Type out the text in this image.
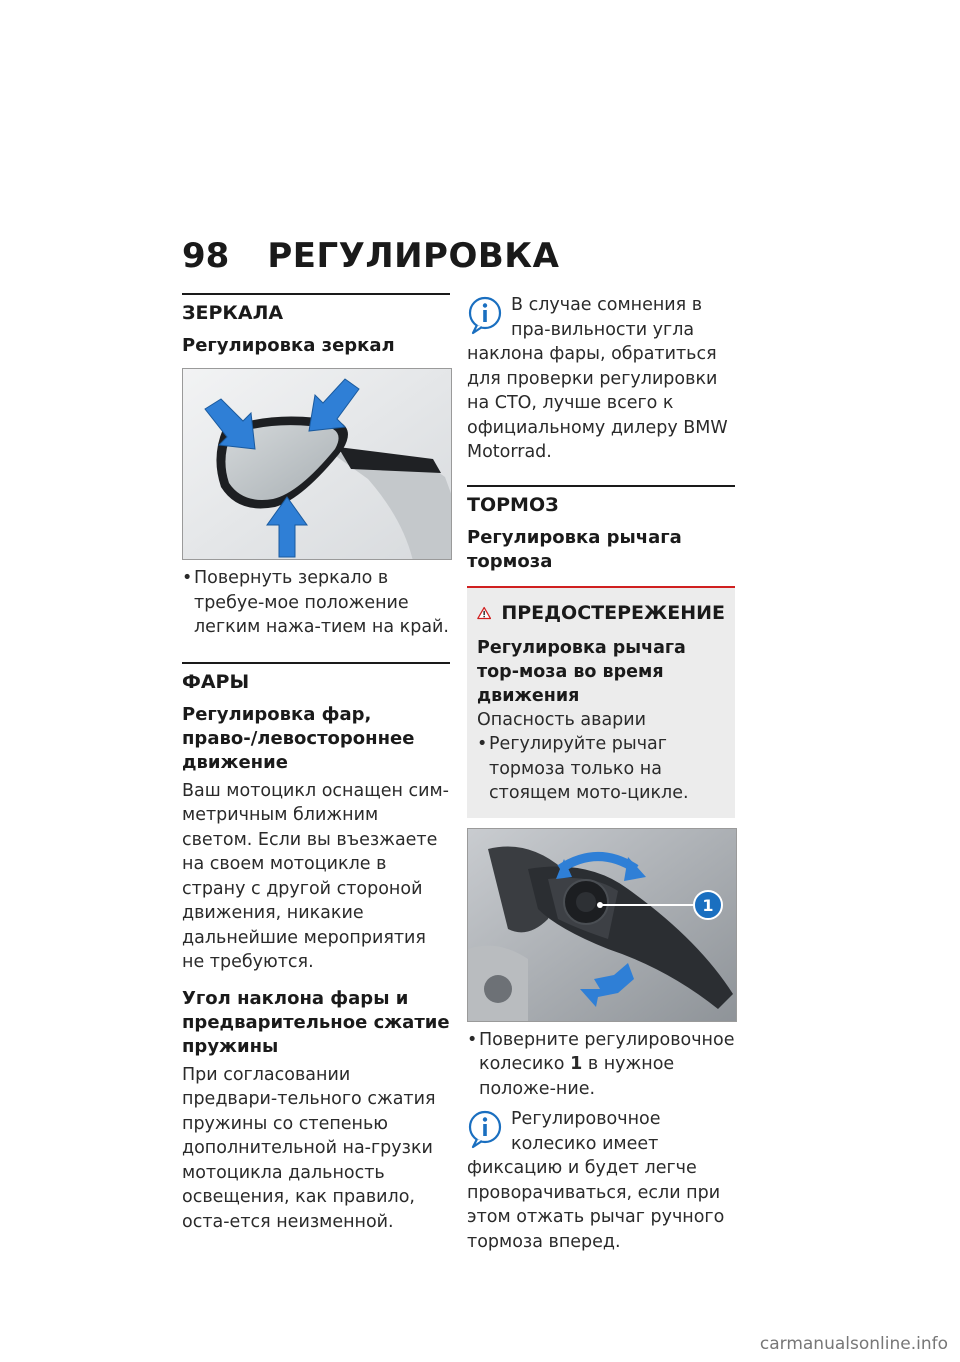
98 РЕГУЛИРОВКА
ЗЕРКАЛА
Регулировка зеркал
• Повернуть зеркало в требуе-мое положение легким нажа-тием на край.
ФАРЫ
Регулировка фар, право-/левостороннее движение
Ваш мотоцикл оснащен сим-метричным ближним светом. Если вы въезжаете на своем мотоцикле в страну с другой стороной движения, никакие дальнейшие мероприятия не требуются.
Угол наклона фары и предварительное сжатие пружины
При согласовании предвари-тельного сжатия пружины со степенью дополнительной на-грузки мотоцикла дальность освещения, как правило, оста-ется неизменной.
В случае сомнения в пра-вильности угла наклона фары, обратиться для проверки регулировки на СТО, лучше всего к официальному дилеру BMW Motorrad.
ТОРМОЗ
Регулировка рычага тормоза
ПРЕДОСТЕРЕЖЕНИЕ
Регулировка рычага тор-моза во время движения
Опасность аварии
• Регулируйте рычаг тормоза только на стоящем мото-цикле.
1
• Поверните регулировочное колесико 1 в нужное положе-ние.
Регулировочное колесико имеет фиксацию и будет легче проворачиваться, если при этом отжать рычаг ручного тормоза вперед.
carmanualsonline.info
